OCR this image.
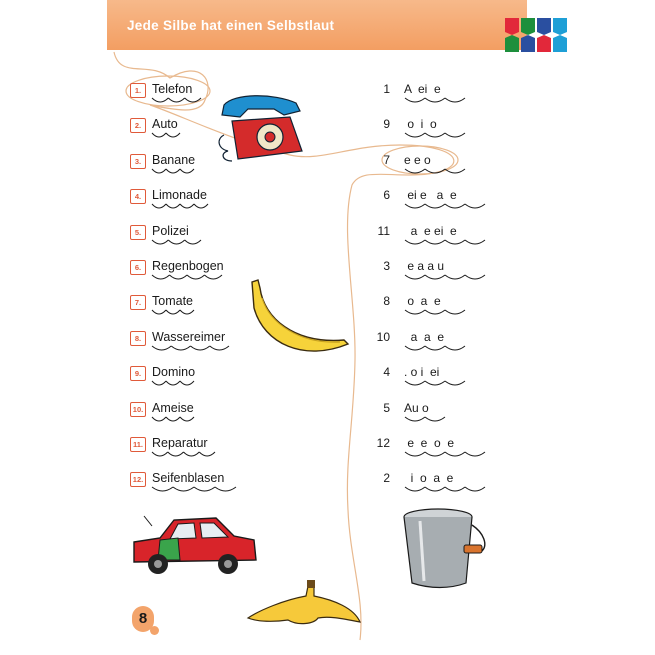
Jede Silbe hat einen Selbstlaut
1. Telefon
2. Auto
3. Banane
4. Limonade
5. Polizei
6. Regenbogen
7. Tomate
8. Wassereimer
9. Domino
10. Ameise
11. Reparatur
12. Seifenblasen
1 A  ei  e
9 o  i  o
7 e e o
6 ei e   a  e
11 a  e ei  e
3 e a a u
8 o  a  e
10 a  a  e
4 . o i  ei
5 Au o
12 e  e  o  e
2 i  o  a  e
8
